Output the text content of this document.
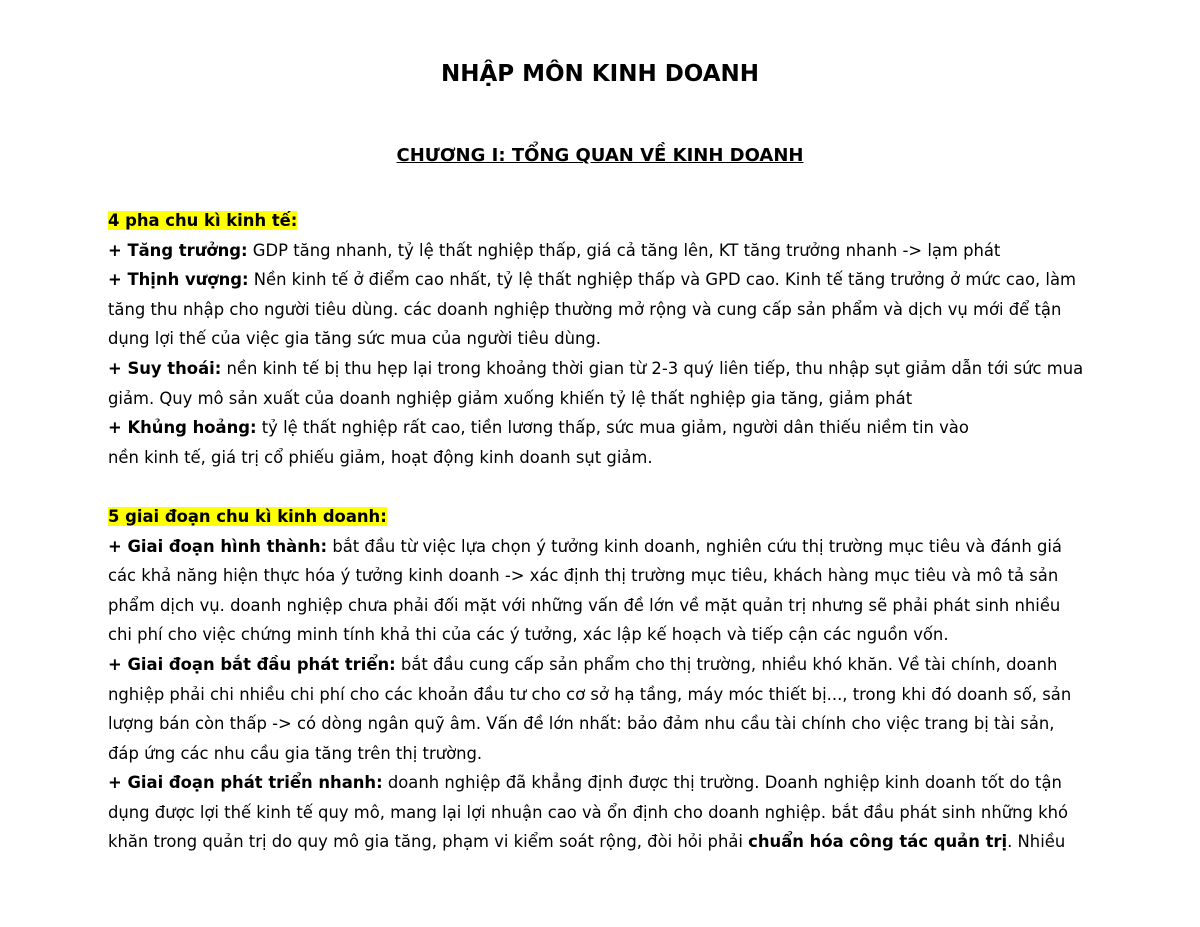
NHẬP MÔN KINH DOANH
CHƯƠNG I: TỔNG QUAN VỀ KINH DOANH

4 pha chu kì kinh tế:

+ Tăng trưởng: GDP tăng nhanh, tỷ lệ thất nghiệp thấp, giá cả tăng lên, KT tăng trưởng nhanh -> lạm phát

+ Thịnh vượng: Nền kinh tế ở điểm cao nhất, tỷ lệ thất nghiệp thấp và GPD cao. Kinh tế tăng trưởng ở mức cao, làm

tăng thu nhập cho người tiêu dùng. các doanh nghiệp thường mở rộng và cung cấp sản phẩm và dịch vụ mới để tận

dụng lợi thế của việc gia tăng sức mua của người tiêu dùng.

+ Suy thoái: nền kinh tế bị thu hẹp lại trong khoảng thời gian từ 2-3 quý liên tiếp, thu nhập sụt giảm dẫn tới sức mua

giảm. Quy mô sản xuất của doanh nghiệp giảm xuống khiến tỷ lệ thất nghiệp gia tăng, giảm phát

+ Khủng hoảng: tỷ lệ thất nghiệp rất cao, tiền lương thấp, sức mua giảm, người dân thiếu niềm tin vào

nền kinh tế, giá trị cổ phiếu giảm, hoạt động kinh doanh sụt giảm.

5 giai đoạn chu kì kinh doanh:

+ Giai đoạn hình thành: bắt đầu từ việc lựa chọn ý tưởng kinh doanh, nghiên cứu thị trường mục tiêu và đánh giá

các khả năng hiện thực hóa ý tưởng kinh doanh -> xác định thị trường mục tiêu, khách hàng mục tiêu và mô tả sản

phẩm dịch vụ. doanh nghiệp chưa phải đối mặt với những vấn đề lớn về mặt quản trị nhưng sẽ phải phát sinh nhiều

chi phí cho việc chứng minh tính khả thi của các ý tưởng, xác lập kế hoạch và tiếp cận các nguồn vốn.

+ Giai đoạn bắt đầu phát triển: bắt đầu cung cấp sản phẩm cho thị trường, nhiều khó khăn. Về tài chính, doanh

nghiệp phải chi nhiều chi phí cho các khoản đầu tư cho cơ sở hạ tầng, máy móc thiết bị..., trong khi đó doanh số, sản

lượng bán còn thấp -> có dòng ngân quỹ âm. Vấn đề lớn nhất: bảo đảm nhu cầu tài chính cho việc trang bị tài sản,

đáp ứng các nhu cầu gia tăng trên thị trường.

+ Giai đoạn phát triển nhanh: doanh nghiệp đã khẳng định được thị trường. Doanh nghiệp kinh doanh tốt do tận

dụng được lợi thế kinh tế quy mô, mang lại lợi nhuận cao và ổn định cho doanh nghiệp. bắt đầu phát sinh những khó

khăn trong quản trị do quy mô gia tăng, phạm vi kiểm soát rộng, đòi hỏi phải chuẩn hóa công tác quản trị. Nhiều
